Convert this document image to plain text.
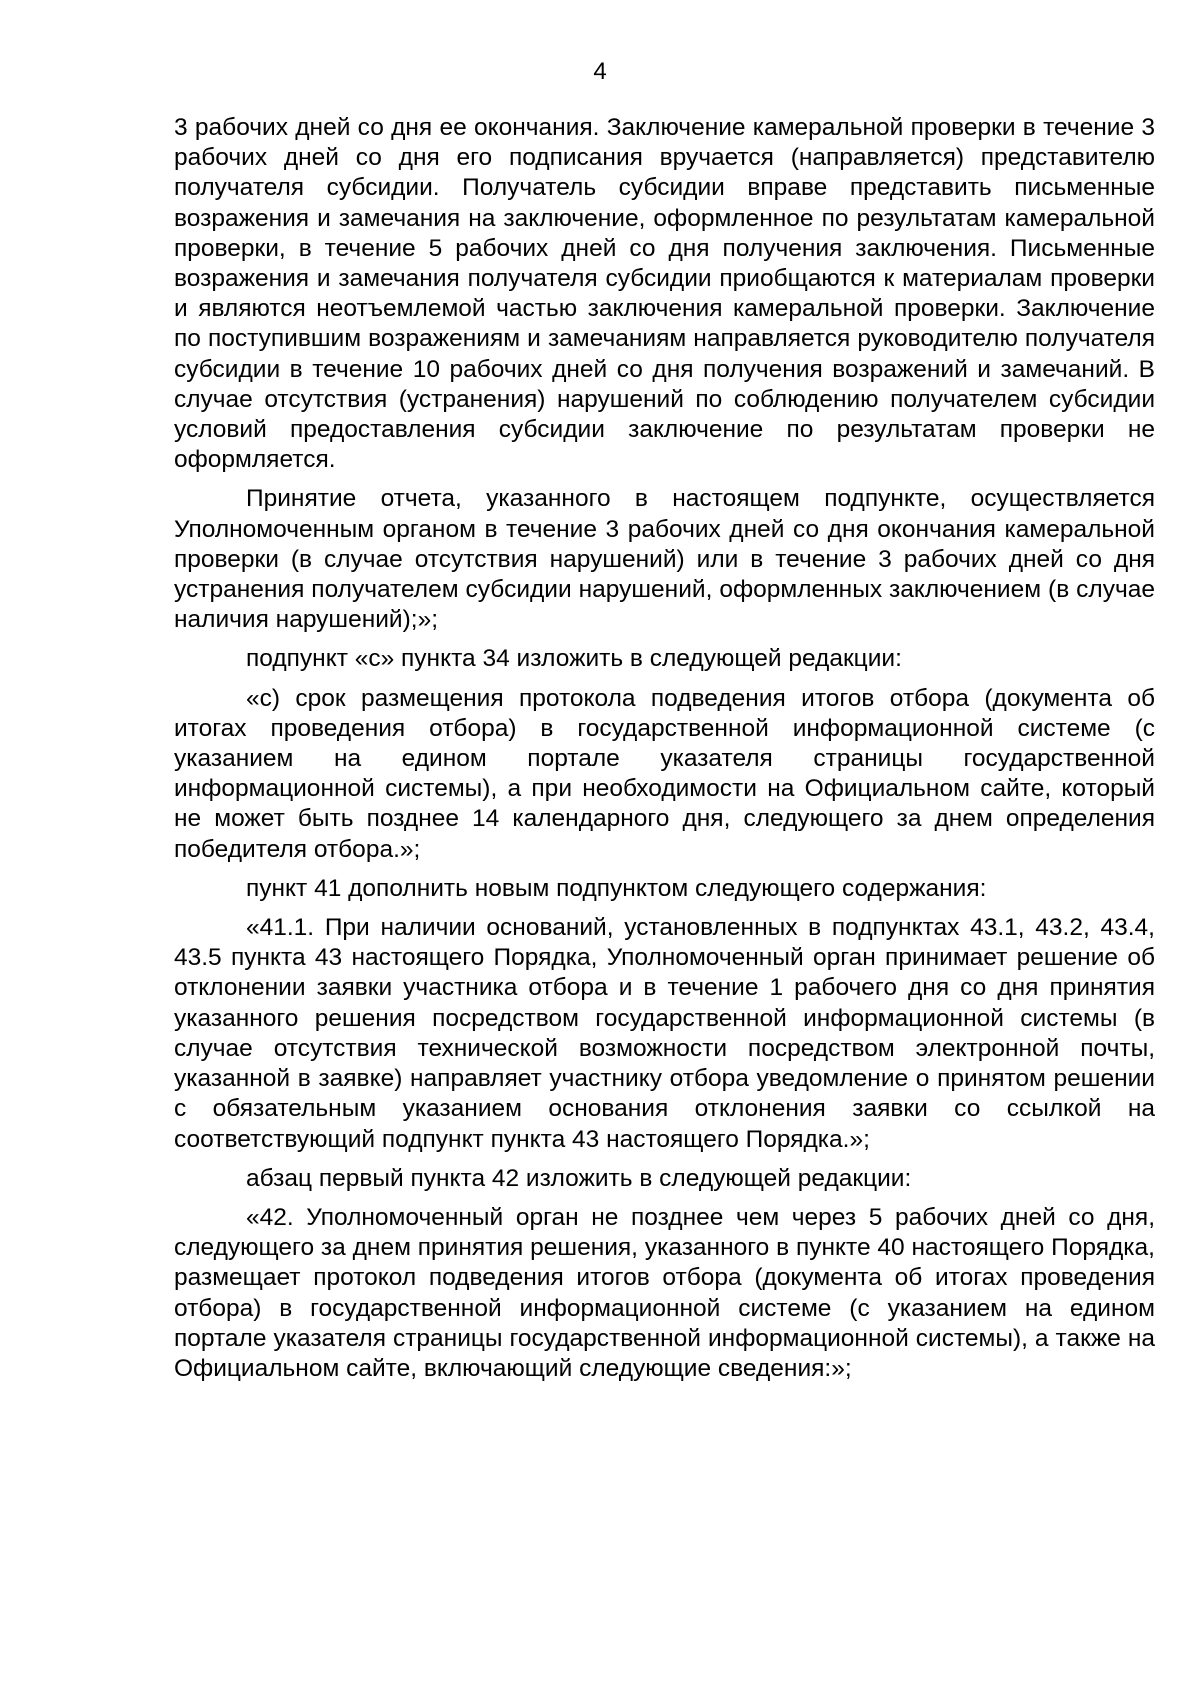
4

3 рабочих дней со дня ее окончания. Заключение камеральной проверки в течение 3 рабочих дней со дня его подписания вручается (направляется) представителю получателя субсидии. Получатель субсидии вправе представить письменные возражения и замечания на заключение, оформленное по результатам камеральной проверки, в течение 5 рабочих дней со дня получения заключения. Письменные возражения и замечания получателя субсидии приобщаются к материалам проверки и являются неотъемлемой частью заключения камеральной проверки. Заключение по поступившим возражениям и замечаниям направляется руководителю получателя субсидии в течение 10 рабочих дней со дня получения возражений и замечаний. В случае отсутствия (устранения) нарушений по соблюдению получателем субсидии условий предоставления субсидии заключение по результатам проверки не оформляется.

Принятие отчета, указанного в настоящем подпункте, осуществляется Уполномоченным органом в течение 3 рабочих дней со дня окончания камеральной проверки (в случае отсутствия нарушений) или в течение 3 рабочих дней со дня устранения получателем субсидии нарушений, оформленных заключением (в случае наличия нарушений);»;

подпункт «с» пункта 34 изложить в следующей редакции:

«с) срок размещения протокола подведения итогов отбора (документа об итогах проведения отбора) в государственной информационной системе (с указанием на едином портале указателя страницы государственной информационной системы), а при необходимости на Официальном сайте, который не может быть позднее 14 календарного дня, следующего за днем определения победителя отбора.»;

пункт 41 дополнить новым подпунктом следующего содержания:

«41.1. При наличии оснований, установленных в подпунктах 43.1, 43.2, 43.4, 43.5 пункта 43 настоящего Порядка, Уполномоченный орган принимает решение об отклонении заявки участника отбора и в течение 1 рабочего дня со дня принятия указанного решения посредством государственной информационной системы (в случае отсутствия технической возможности посредством электронной почты, указанной в заявке) направляет участнику отбора уведомление о принятом решении с обязательным указанием основания отклонения заявки со ссылкой на соответствующий подпункт пункта 43 настоящего Порядка.»;

абзац первый пункта 42 изложить в следующей редакции:

«42. Уполномоченный орган не позднее чем через 5 рабочих дней со дня, следующего за днем принятия решения, указанного в пункте 40 настоящего Порядка, размещает протокол подведения итогов отбора (документа об итогах проведения отбора) в государственной информационной системе (с указанием на едином портале указателя страницы государственной информационной системы), а также на Официальном сайте, включающий следующие сведения:»;
